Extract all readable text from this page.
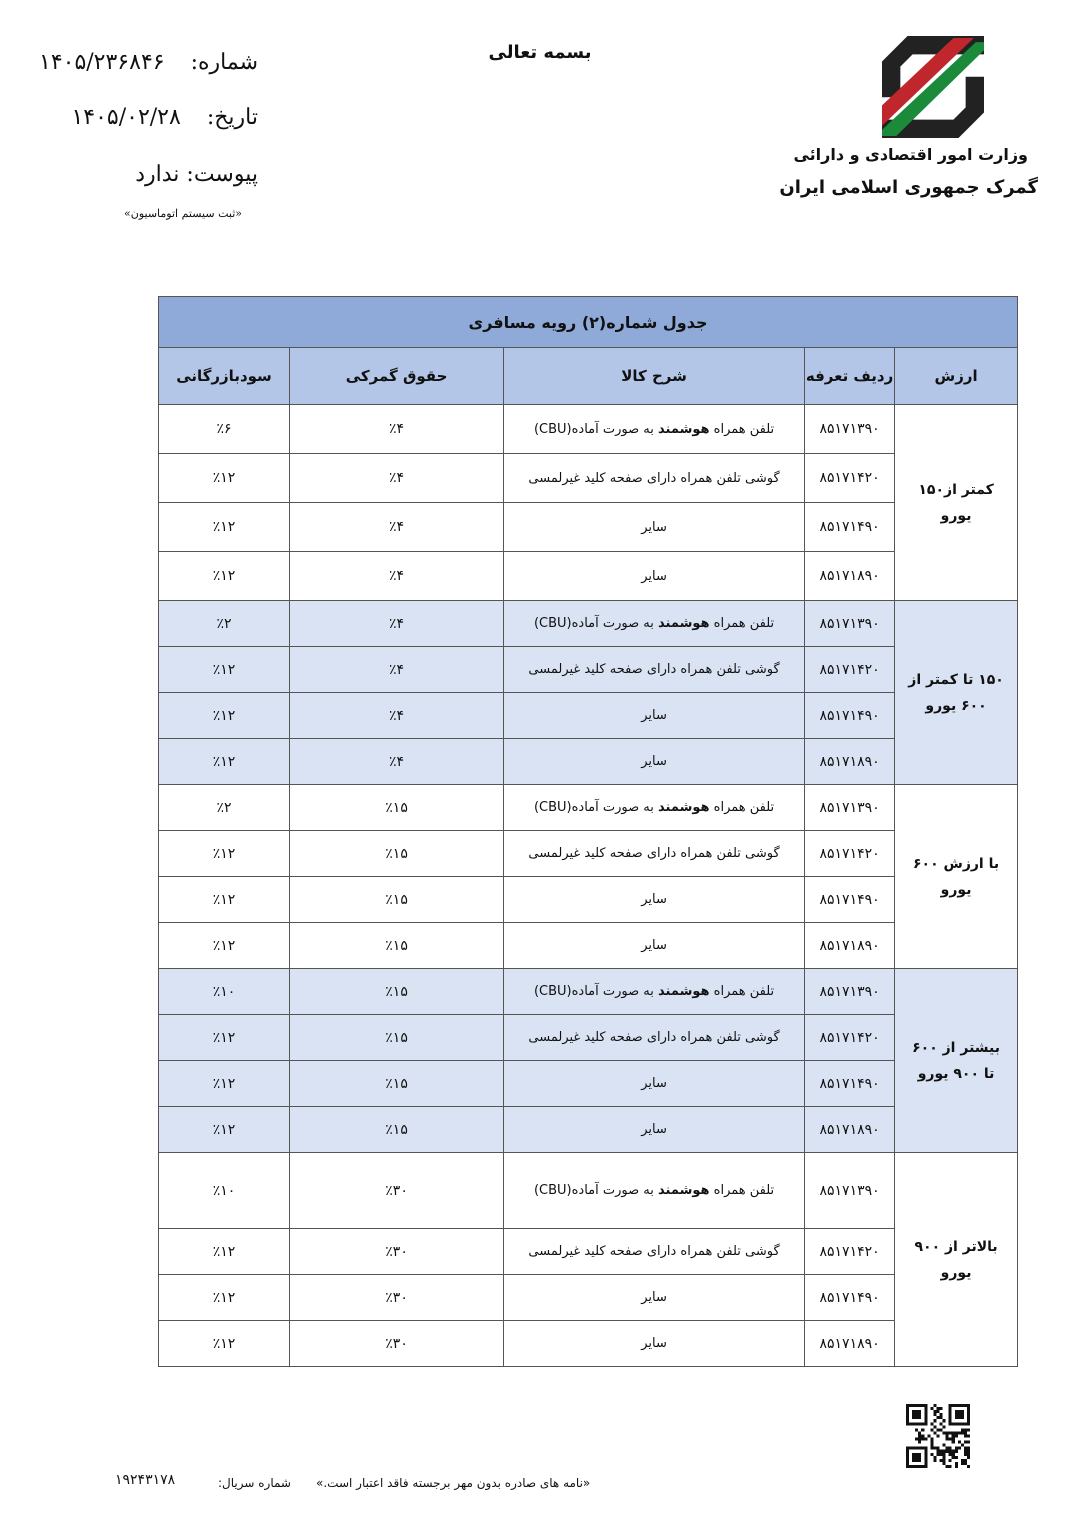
بسمه تعالی
شماره:  ۱۴۰۵/۲۳۶۸۴۶
تاریخ:  ۱۴۰۵/۰۲/۲۸
پیوست: ندارد
«ثبت سیستم اتوماسیون»
وزارت امور اقتصادی و دارائی
گمرک جمهوری اسلامی ایران
جدول شماره(۲) رویه مسافری				
ارزش	ردیف تعرفه	شرح کالا	حقوق گمرکی	سودبازرگانی
کمتر از۱۵۰ یورو	۸۵۱۷۱۳۹۰	تلفن همراه هوشمند به صورت آماده(CBU)	٪۴	٪۶
	۸۵۱۷۱۴۲۰	گوشی تلفن همراه دارای صفحه کلید غیرلمسی	٪۴	٪۱۲
	۸۵۱۷۱۴۹۰	سایر	٪۴	٪۱۲
	۸۵۱۷۱۸۹۰	سایر	٪۴	٪۱۲
۱۵۰ تا کمتر از ۶۰۰ یورو	۸۵۱۷۱۳۹۰	تلفن همراه هوشمند به صورت آماده(CBU)	٪۴	٪۲
	۸۵۱۷۱۴۲۰	گوشی تلفن همراه دارای صفحه کلید غیرلمسی	٪۴	٪۱۲
	۸۵۱۷۱۴۹۰	سایر	٪۴	٪۱۲
	۸۵۱۷۱۸۹۰	سایر	٪۴	٪۱۲
با ارزش ۶۰۰ یورو	۸۵۱۷۱۳۹۰	تلفن همراه هوشمند به صورت آماده(CBU)	٪۱۵	٪۲
	۸۵۱۷۱۴۲۰	گوشی تلفن همراه دارای صفحه کلید غیرلمسی	٪۱۵	٪۱۲
	۸۵۱۷۱۴۹۰	سایر	٪۱۵	٪۱۲
	۸۵۱۷۱۸۹۰	سایر	٪۱۵	٪۱۲
بیشتر از ۶۰۰ تا ۹۰۰ یورو	۸۵۱۷۱۳۹۰	تلفن همراه هوشمند به صورت آماده(CBU)	٪۱۵	٪۱۰
	۸۵۱۷۱۴۲۰	گوشی تلفن همراه دارای صفحه کلید غیرلمسی	٪۱۵	٪۱۲
	۸۵۱۷۱۴۹۰	سایر	٪۱۵	٪۱۲
	۸۵۱۷۱۸۹۰	سایر	٪۱۵	٪۱۲
بالاتر از ۹۰۰ یورو	۸۵۱۷۱۳۹۰	تلفن همراه هوشمند به صورت آماده(CBU)	٪۳۰	٪۱۰
	۸۵۱۷۱۴۲۰	گوشی تلفن همراه دارای صفحه کلید غیرلمسی	٪۳۰	٪۱۲
	۸۵۱۷۱۴۹۰	سایر	٪۳۰	٪۱۲
	۸۵۱۷۱۸۹۰	سایر	٪۳۰	٪۱۲
«نامه های صادره بدون مهر برجسته فاقد اعتبار است.»
شماره سریال:
۱۹۲۴۳۱۷۸
